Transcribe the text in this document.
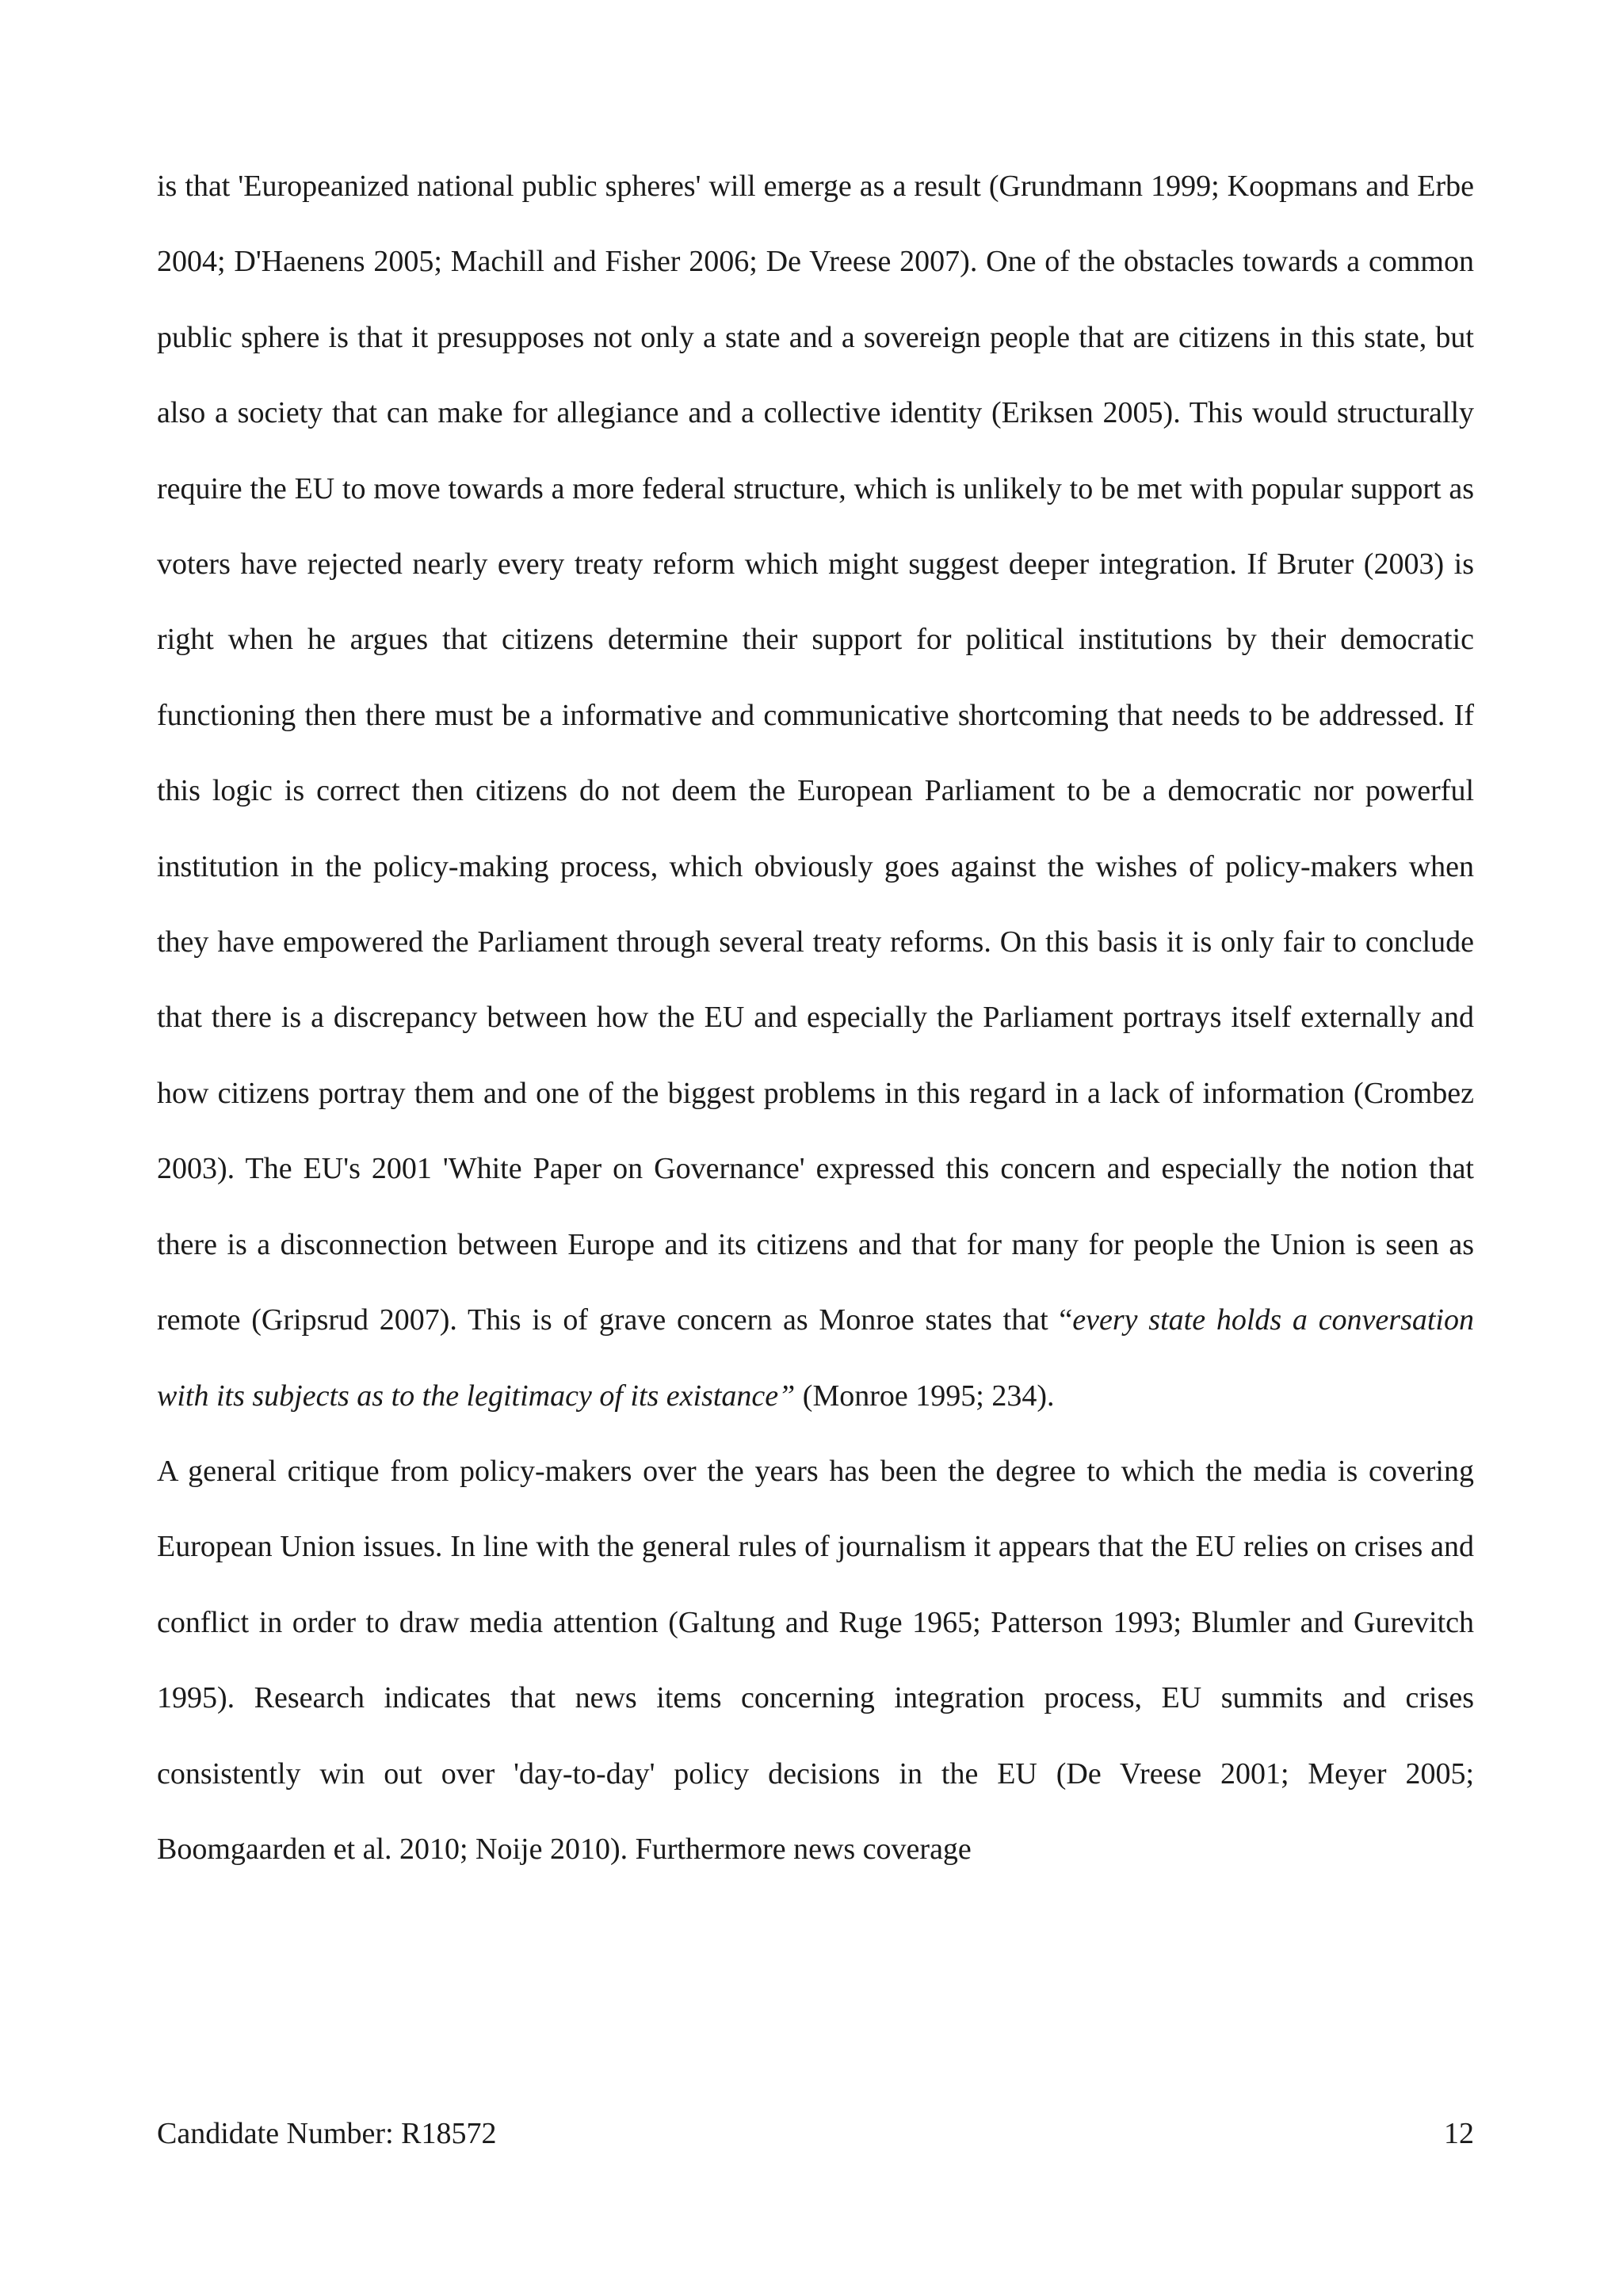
is that 'Europeanized national public spheres' will emerge as a result (Grundmann 1999; Koopmans and Erbe 2004; D'Haenens 2005; Machill and Fisher 2006; De Vreese 2007). One of the obstacles towards a common public sphere is that it presupposes not only a state and a sovereign people that are citizens in this state, but also a society that can make for allegiance and a collective identity (Eriksen 2005). This would structurally require the EU to move towards a more federal structure, which is unlikely to be met with popular support as voters have rejected nearly every treaty reform which might suggest deeper integration. If Bruter (2003) is right when he argues that citizens determine their support for political institutions by their democratic functioning then there must be a informative and communicative shortcoming that needs to be addressed. If this logic is correct then citizens do not deem the European Parliament to be a democratic nor powerful institution in the policy-making process, which obviously goes against the wishes of policy-makers when they have empowered the Parliament through several treaty reforms. On this basis it is only fair to conclude that there is a discrepancy between how the EU and especially the Parliament portrays itself externally and how citizens portray them and one of the biggest problems in this regard in a lack of information (Crombez 2003). The EU's 2001 'White Paper on Governance' expressed this concern and especially the notion that there is a disconnection between Europe and its citizens and that for many for people the Union is seen as remote (Gripsrud 2007). This is of grave concern as Monroe states that “every state holds a conversation with its subjects as to the legitimacy of its existance” (Monroe 1995; 234).

A general critique from policy-makers over the years has been the degree to which the media is covering European Union issues. In line with the general rules of journalism it appears that the EU relies on crises and conflict in order to draw media attention (Galtung and Ruge 1965; Patterson 1993; Blumler and Gurevitch 1995). Research indicates that news items concerning integration process, EU summits and crises consistently win out over 'day-to-day' policy decisions in the EU (De Vreese 2001; Meyer 2005; Boomgaarden et al. 2010; Noije 2010). Furthermore news coverage

Candidate Number: R18572	12
